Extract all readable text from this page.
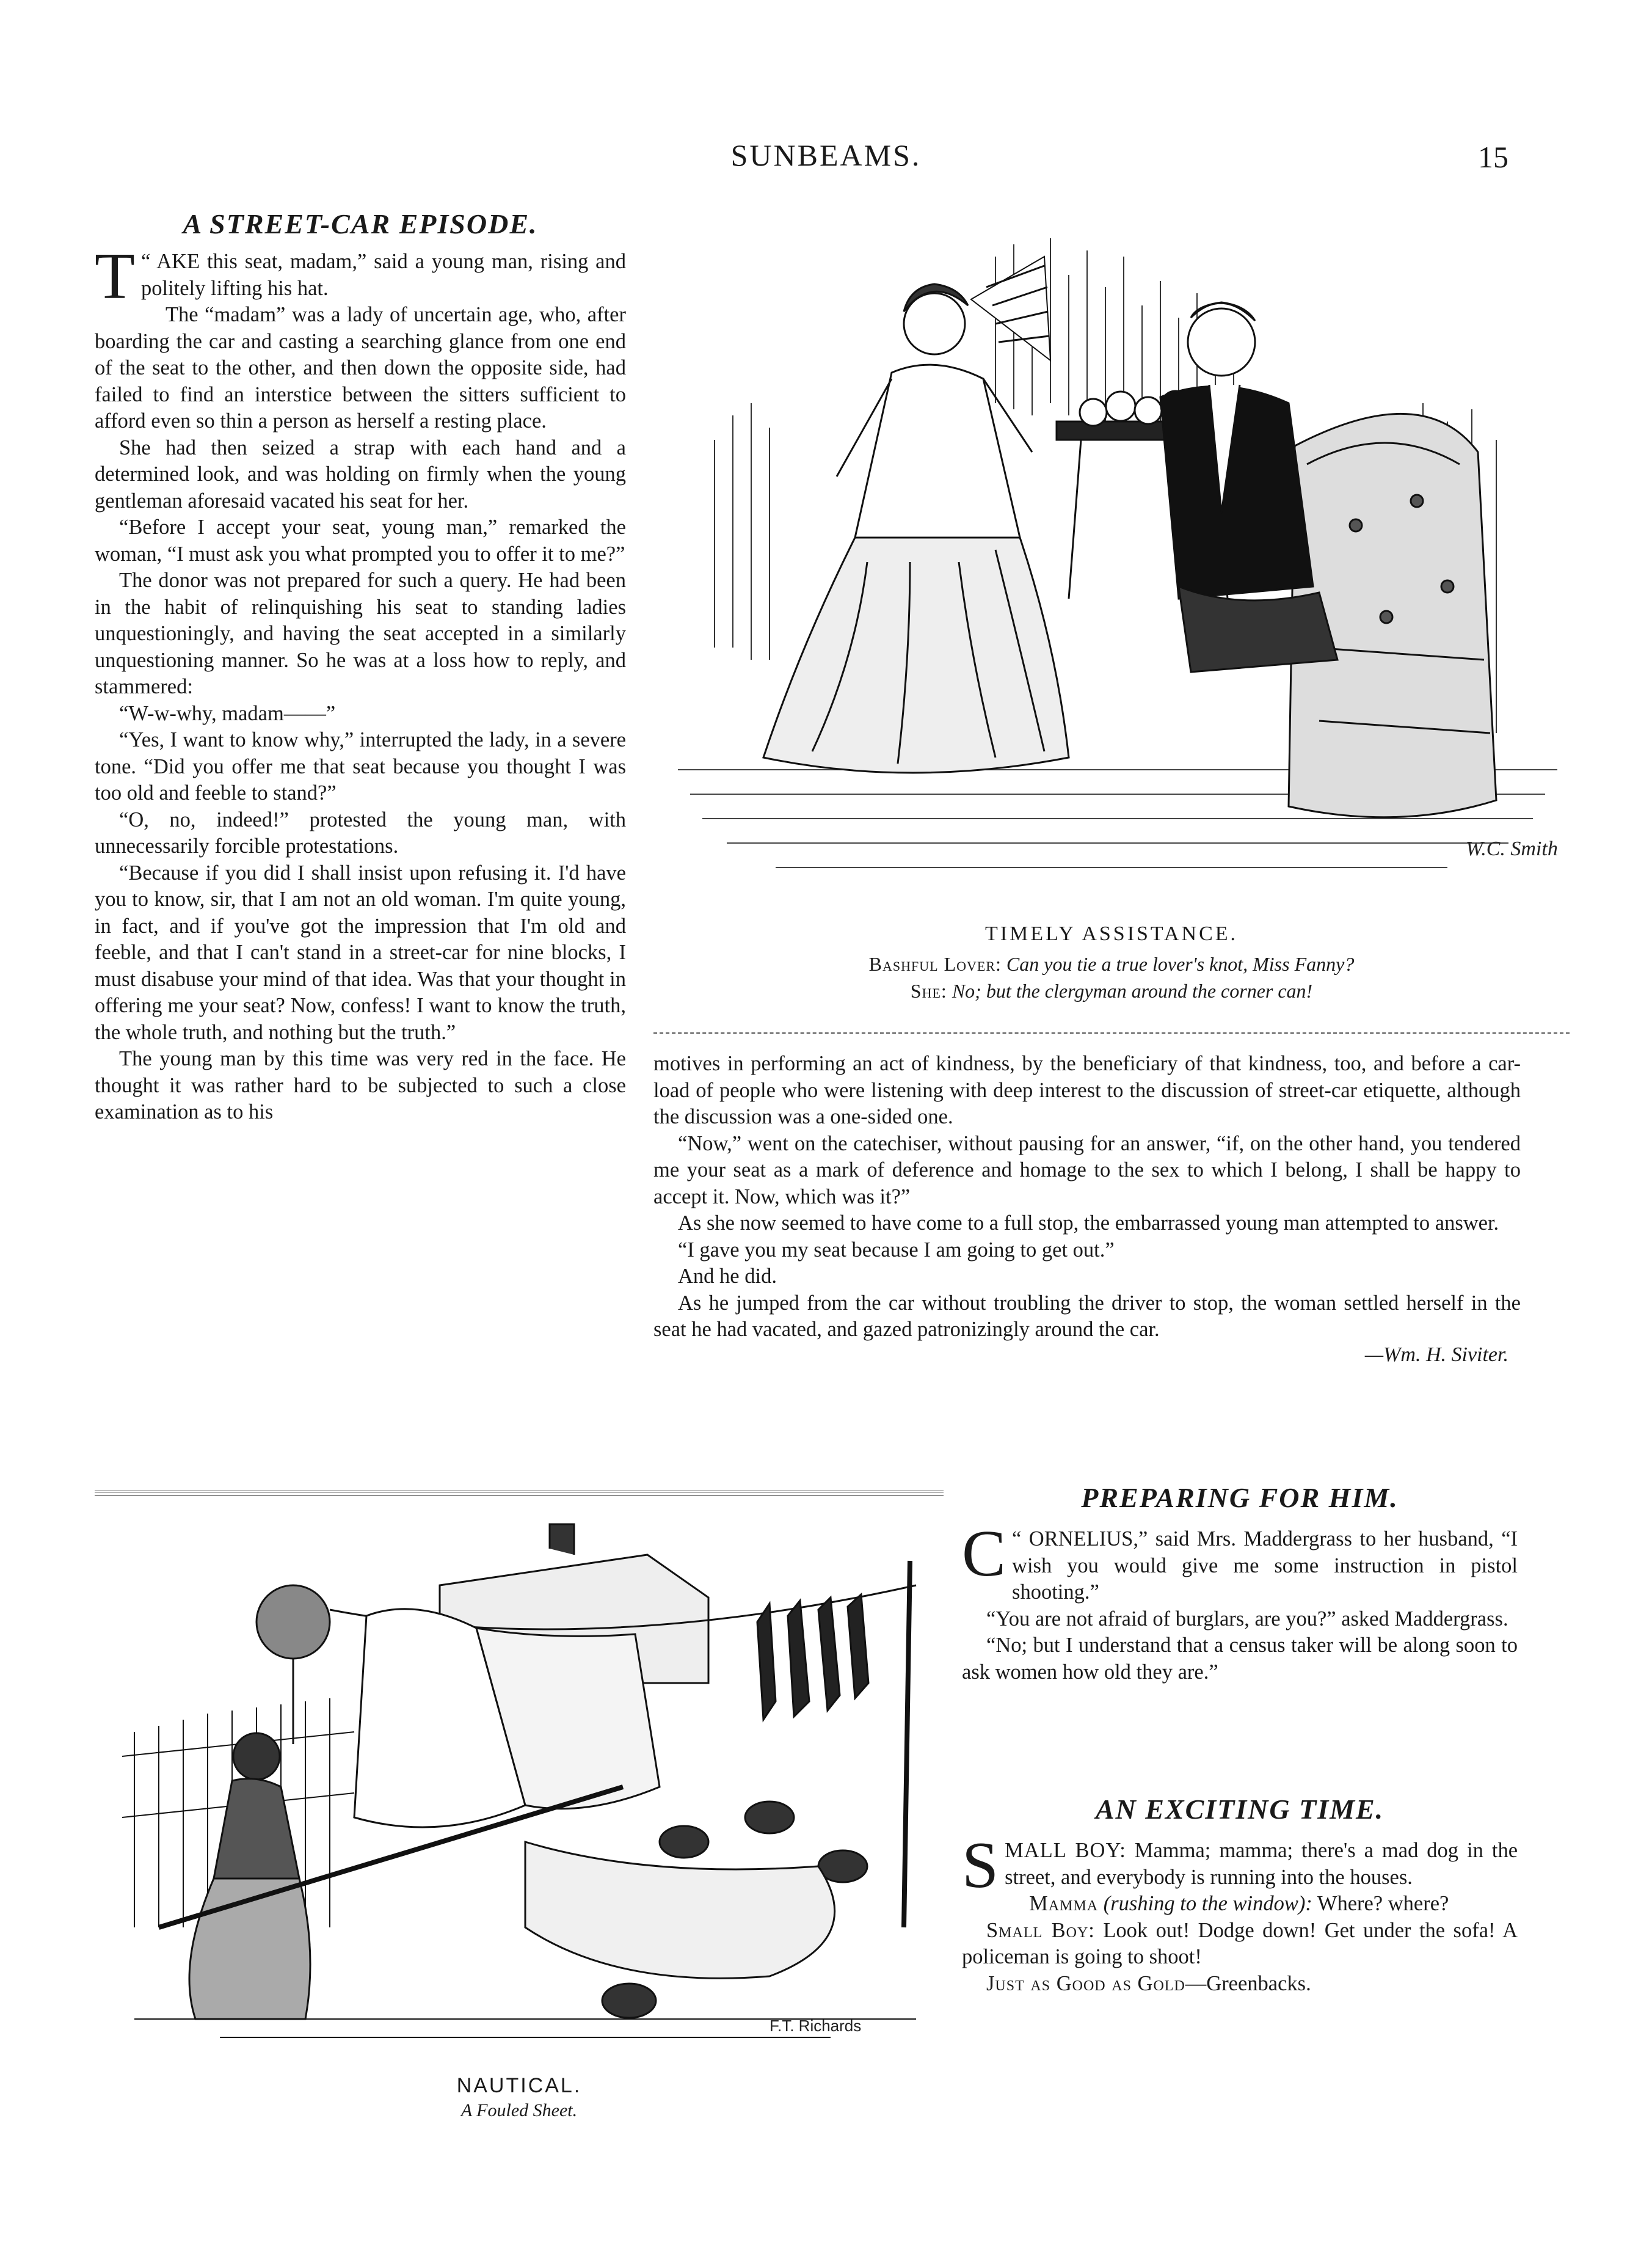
SUNBEAMS.	15
A STREET-CAR EPISODE.

T “ AKE this seat, madam,” said a young man, rising and politely lifting his hat.

The “madam” was a lady of uncertain age, who, after boarding the car and casting a searching glance from one end of the seat to the other, and then down the opposite side, had failed to find an interstice between the sitters sufficient to afford even so thin a person as herself a resting place.

She had then seized a strap with each hand and a determined look, and was holding on firmly when the young gentleman aforesaid vacated his seat for her.

“Before I accept your seat, young man,” remarked the woman, “I must ask you what prompted you to offer it to me?”

The donor was not prepared for such a query. He had been in the habit of relinquishing his seat to standing ladies unquestioningly, and having the seat accepted in a similarly unquestioning manner. So he was at a loss how to reply, and stammered:

“W-w-why, madam——”

“Yes, I want to know why,” interrupted the lady, in a severe tone. “Did you offer me that seat because you thought I was too old and feeble to stand?”

“O, no, indeed!” protested the young man, with unnecessarily forcible protestations.

“Because if you did I shall insist upon refusing it. I'd have you to know, sir, that I am not an old woman. I'm quite young, in fact, and if you've got the impression that I'm old and feeble, and that I can't stand in a street-car for nine blocks, I must disabuse your mind of that idea. Was that your thought in offering me your seat? Now, confess! I want to know the truth, the whole truth, and nothing but the truth.”

The young man by this time was very red in the face. He thought it was rather hard to be subjected to such a close examination as to his

W.C. Smith
TIMELY ASSISTANCE.
Bashful Lover: Can you tie a true lover's knot, Miss Fanny?
She: No; but the clergyman around the corner can!

motives in performing an act of kindness, by the beneficiary of that kindness, too, and before a car-load of people who were listening with deep interest to the discussion of street-car etiquette, although the discussion was a one-sided one.

“Now,” went on the catechiser, without pausing for an answer, “if, on the other hand, you tendered me your seat as a mark of deference and homage to the sex to which I belong, I shall be happy to accept it. Now, which was it?”

As she now seemed to have come to a full stop, the embarrassed young man attempted to answer.

“I gave you my seat because I am going to get out.”

And he did.

As he jumped from the car without troubling the driver to stop, the woman settled herself in the seat he had vacated, and gazed patronizingly around the car.

—Wm. H. Siviter.
F.T. Richards
NAUTICAL.
A Fouled Sheet.
PREPARING FOR HIM.

C “ ORNELIUS,” said Mrs. Maddergrass to her husband, “I wish you would give me some instruction in pistol shooting.”

“You are not afraid of burglars, are you?” asked Maddergrass.

“No; but I understand that a census taker will be along soon to ask women how old they are.”

AN EXCITING TIME.

SMALL BOY: Mamma; mamma; there's a mad dog in the street, and everybody is running into the houses.

Mamma (rushing to the window): Where? where?

Small Boy: Look out! Dodge down! Get under the sofa! A policeman is going to shoot!

Just as Good as Gold—Greenbacks.
